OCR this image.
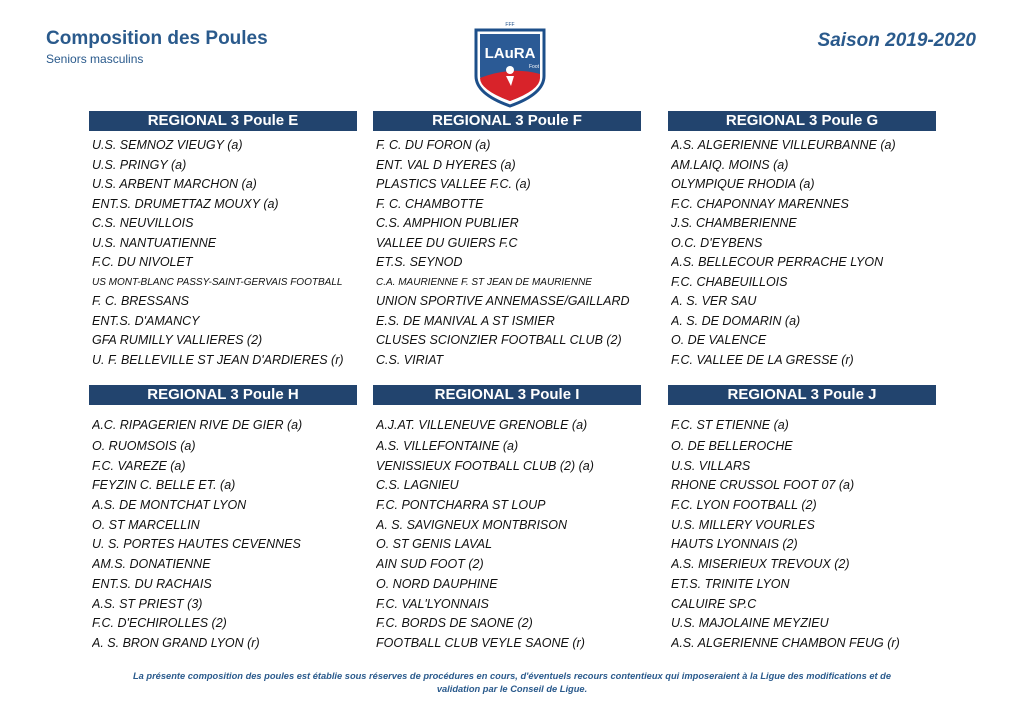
Composition des Poules
Seniors masculins
Saison 2019-2020
FFF
LAuRA
Foot
REGIONAL 3 Poule E
U.S. SEMNOZ VIEUGY (a)
U.S. PRINGY (a)
U.S. ARBENT MARCHON (a)
ENT.S. DRUMETTAZ MOUXY (a)
C.S. NEUVILLOIS
U.S. NANTUATIENNE
F.C. DU NIVOLET
US MONT-BLANC PASSY-SAINT-GERVAIS FOOTBALL
F. C. BRESSANS
ENT.S. D'AMANCY
GFA RUMILLY VALLIERES (2)
U. F. BELLEVILLE ST JEAN D'ARDIERES (r)
REGIONAL 3 Poule F
F. C. DU FORON (a)
ENT. VAL D HYERES (a)
PLASTICS VALLEE F.C. (a)
F. C. CHAMBOTTE
C.S. AMPHION PUBLIER
VALLEE DU GUIERS F.C
ET.S. SEYNOD
C.A. MAURIENNE F. ST JEAN DE MAURIENNE
UNION SPORTIVE ANNEMASSE/GAILLARD
E.S. DE MANIVAL A ST ISMIER
CLUSES SCIONZIER FOOTBALL CLUB (2)
C.S. VIRIAT
REGIONAL 3 Poule G
A.S. ALGERIENNE VILLEURBANNE (a)
AM.LAIQ. MOINS (a)
OLYMPIQUE RHODIA (a)
F.C. CHAPONNAY MARENNES
J.S. CHAMBERIENNE
O.C. D'EYBENS
A.S. BELLECOUR PERRACHE LYON
F.C. CHABEUILLOIS
A. S. VER SAU
A. S. DE DOMARIN (a)
O. DE VALENCE
F.C. VALLEE DE LA GRESSE (r)
REGIONAL 3 Poule H
A.C. RIPAGERIEN RIVE DE GIER (a)
O. RUOMSOIS (a)
F.C. VAREZE (a)
FEYZIN C. BELLE ET. (a)
A.S. DE MONTCHAT LYON
O. ST MARCELLIN
U. S. PORTES HAUTES CEVENNES
AM.S. DONATIENNE
ENT.S. DU RACHAIS
A.S. ST PRIEST (3)
F.C. D'ECHIROLLES (2)
A. S. BRON GRAND LYON (r)
REGIONAL 3 Poule I
A.J.AT. VILLENEUVE GRENOBLE (a)
A.S. VILLEFONTAINE (a)
VENISSIEUX FOOTBALL CLUB (2) (a)
C.S. LAGNIEU
F.C. PONTCHARRA ST LOUP
A. S. SAVIGNEUX MONTBRISON
O. ST GENIS LAVAL
AIN SUD FOOT (2)
O. NORD DAUPHINE
F.C. VAL'LYONNAIS
F.C. BORDS DE SAONE (2)
FOOTBALL CLUB VEYLE SAONE (r)
REGIONAL 3 Poule J
F.C. ST ETIENNE (a)
O. DE BELLEROCHE
U.S. VILLARS
RHONE CRUSSOL FOOT 07 (a)
F.C. LYON FOOTBALL (2)
U.S. MILLERY VOURLES
HAUTS LYONNAIS (2)
A.S. MISERIEUX TREVOUX (2)
ET.S. TRINITE LYON
CALUIRE SP.C
U.S. MAJOLAINE MEYZIEU
A.S. ALGERIENNE CHAMBON FEUG (r)
La présente composition des poules est établie sous réserves de procédures en cours, d'éventuels recours contentieux qui imposeraient à la Ligue des modifications et de
validation par le Conseil de Ligue.
